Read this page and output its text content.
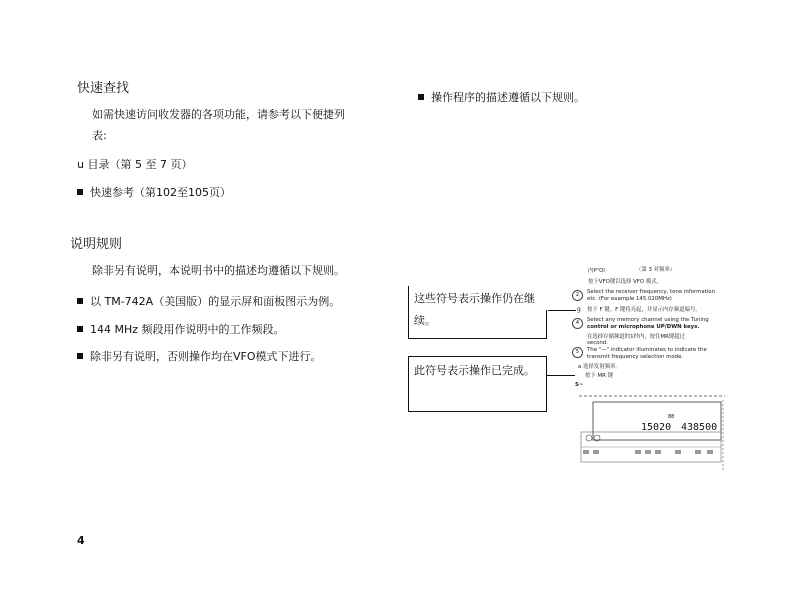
快速查找
如需快速访问收发器的各项功能，请参考以下便捷列
表:
u 目录（第 5 至 7 页）
快速参考（第102至105页）
说明规则
除非另有说明，本说明书中的描述均遵循以下规则。
以 TM-742A（美国版）的显示屏和面板图示为例。
144 MHz 频段用作说明中的工作频段。
除非另有说明，否则操作均在VFO模式下进行。
4
操作程序的描述遵循以下规则。
这些符号表示操作仍在继
续。
此符号表示操作已完成。
内P"Ol	（第 3 对频率）
按下VFO键以选择 VFO 模式。
2	Select the receiver frequency, tone information
etc. (For example 145.020MHz)
g 按下 F 键。F 键将亮起，并显示内存频道编号。
4	Select any memory channel using the Tuning
control or microphone UP/DWN keys.
在选择存储频道的1秒内，按住MR键超过
second.
5	The "—" indicator illuminates to indicate the
transmit frequency selection mode.
a 选择发射频率。
按下 MR 键
S~
15020 438500
88
